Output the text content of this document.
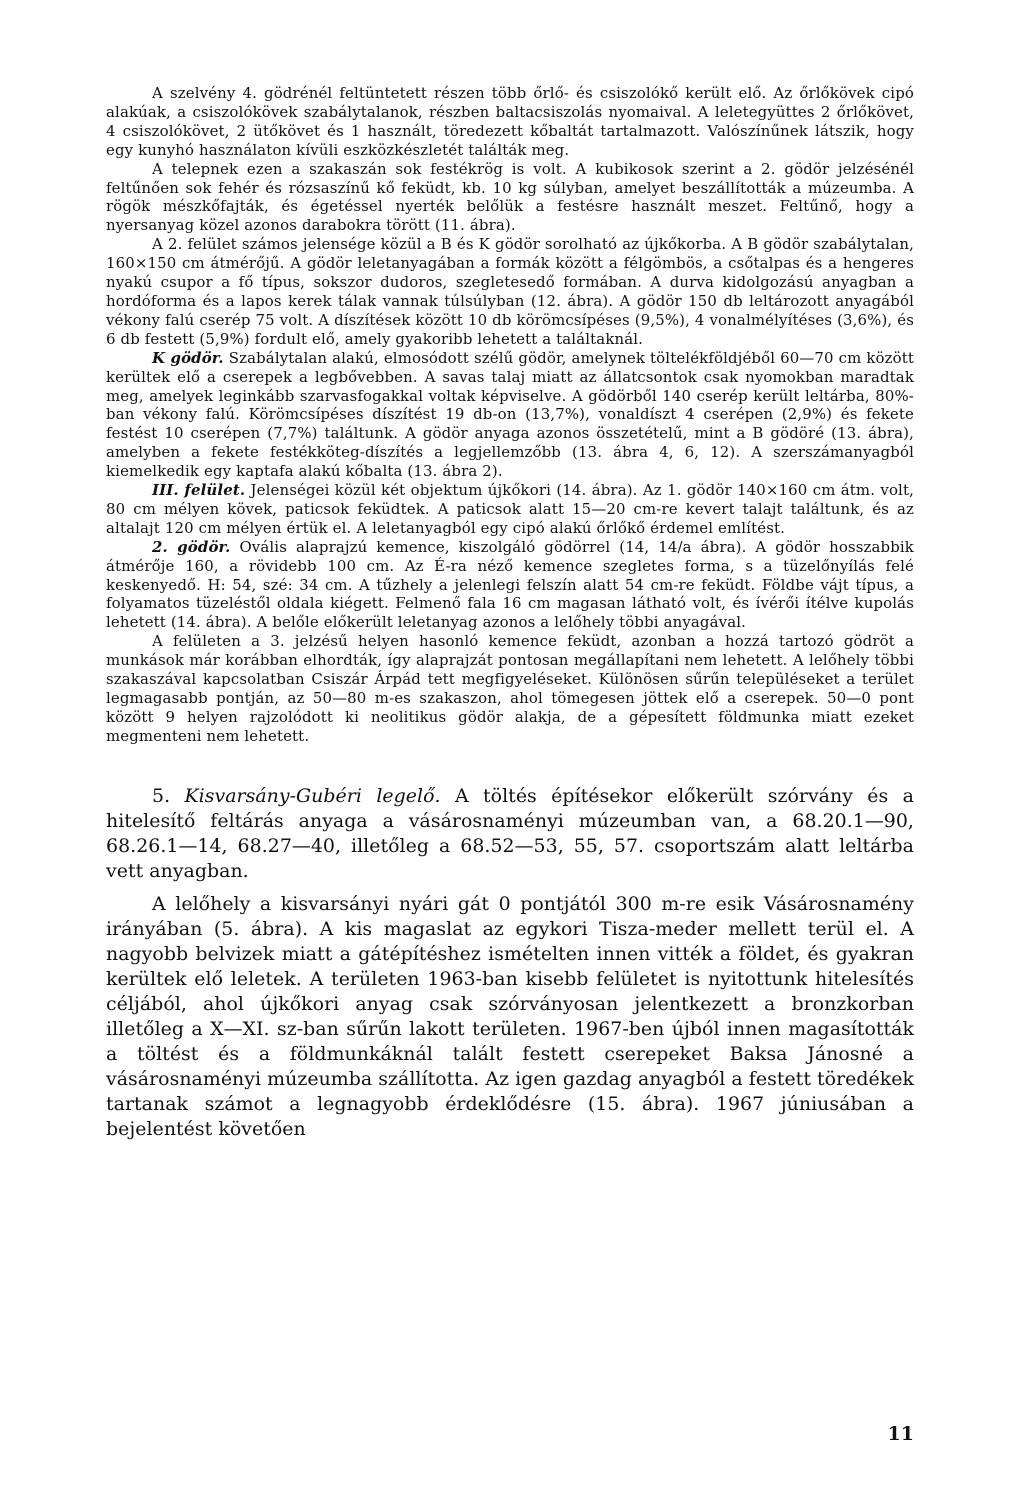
A szelvény 4. gödrénél feltüntetett részen több őrlő- és csiszolókő került elő. Az őrlőkövek cipó alakúak, a csiszolókövek szabálytalanok, részben baltacsiszolás nyomaival. A leletegyüttes 2 őrlőkövet, 4 csiszolókövet, 2 ütőkövet és 1 használt, töredezett kőbaltát tartalmazott. Valószínűnek látszik, hogy egy kunyhó használaton kívüli eszközkészletét találták meg.

A telepnek ezen a szakaszán sok festékrög is volt. A kubikosok szerint a 2. gödör jelzésénél feltűnően sok fehér és rózsaszínű kő feküdt, kb. 10 kg súlyban, amelyet beszállították a múzeumba. A rögök mészkőfajták, és égetéssel nyerték belőlük a festésre használt meszet. Feltűnő, hogy a nyersanyag közel azonos darabokra törött (11. ábra).

A 2. felület számos jelensége közül a B és K gödör sorolható az újkőkorba. A B gödör szabálytalan, 160×150 cm átmérőjű. A gödör leletanyagában a formák között a félgömbös, a csőtalpas és a hengeres nyakú csupor a fő típus, sokszor dudoros, szegletesedő formában. A durva kidolgozású anyagban a hordóforma és a lapos kerek tálak vannak túlsúlyban (12. ábra). A gödör 150 db leltározott anyagából vékony falú cserép 75 volt. A díszítések között 10 db körömcsípéses (9,5%), 4 vonalmélyítéses (3,6%), és 6 db festett (5,9%) fordult elő, amely gyakoribb lehetett a találtaknál.

K gödör. Szabálytalan alakú, elmosódott szélű gödör, amelynek töltelékföldjéből 60—70 cm között kerültek elő a cserepek a legbővebben. A savas talaj miatt az állatcsontok csak nyomokban maradtak meg, amelyek leginkább szarvasfogakkal voltak képviselve. A gödörből 140 cserép került leltárba, 80%-ban vékony falú. Körömcsípéses díszítést 19 db-on (13,7%), vonaldíszt 4 cserépen (2,9%) és fekete festést 10 cserépen (7,7%) találtunk. A gödör anyaga azonos összetételű, mint a B gödöré (13. ábra), amelyben a fekete festékköteg-díszítés a legjellemzőbb (13. ábra 4, 6, 12). A szerszámanyagból kiemelkedik egy kaptafa alakú kőbalta (13. ábra 2).

III. felület. Jelenségei közül két objektum újkőkori (14. ábra). Az 1. gödör 140×160 cm átm. volt, 80 cm mélyen kövek, paticsok feküdtek. A paticsok alatt 15—20 cm-re kevert talajt találtunk, és az altalajt 120 cm mélyen értük el. A leletanyagból egy cipó alakú őrlőkő érdemel említést.

2. gödör. Ovális alaprajzú kemence, kiszolgáló gödörrel (14, 14/a ábra). A gödör hosszabbik átmérője 160, a rövidebb 100 cm. Az É-ra néző kemence szegletes forma, s a tüzelőnyílás felé keskenyedő. H: 54, szé: 34 cm. A tűzhely a jelenlegi felszín alatt 54 cm-re feküdt. Földbe vájt típus, a folyamatos tüzeléstől oldala kiégett. Felmenő fala 16 cm magasan látható volt, és ívérői ítélve kupolás lehetett (14. ábra). A belőle előkerült leletanyag azonos a lelőhely többi anyagával.

A felületen a 3. jelzésű helyen hasonló kemence feküdt, azonban a hozzá tartozó gödröt a munkások már korábban elhordták, így alaprajzát pontosan megállapítani nem lehetett. A lelőhely többi szakaszával kapcsolatban Csiszár Árpád tett megfigyeléseket. Különösen sűrűn településeket a terület legmagasabb pontján, az 50—80 m-es szakaszon, ahol tömegesen jöttek elő a cserepek. 50—0 pont között 9 helyen rajzolódott ki neolitikus gödör alakja, de a gépesített földmunka miatt ezeket megmenteni nem lehetett.

5. Kisvarsány-Gubéri legelő. A töltés építésekor előkerült szórvány és a hitelesítő feltárás anyaga a vásárosnaményi múzeumban van, a 68.20.1—90, 68.26.1—14, 68.27—40, illetőleg a 68.52—53, 55, 57. csoportszám alatt leltárba vett anyagban.

A lelőhely a kisvarsányi nyári gát 0 pontjától 300 m-re esik Vásárosnamény irányában (5. ábra). A kis magaslat az egykori Tisza-meder mellett terül el. A nagyobb belvizek miatt a gátépítéshez ismételten innen vitték a földet, és gyakran kerültek elő leletek. A területen 1963-ban kisebb felületet is nyitottunk hitelesítés céljából, ahol újkőkori anyag csak szórványosan jelentkezett a bronzkorban illetőleg a X—XI. sz-ban sűrűn lakott területen. 1967-ben újból innen magasították a töltést és a földmunkáknál talált festett cserepeket Baksa Jánosné a vásárosnaményi múzeumba szállította. Az igen gazdag anyagból a festett töredékek tartanak számot a legnagyobb érdeklődésre (15. ábra). 1967 júniusában a bejelentést követően

11
